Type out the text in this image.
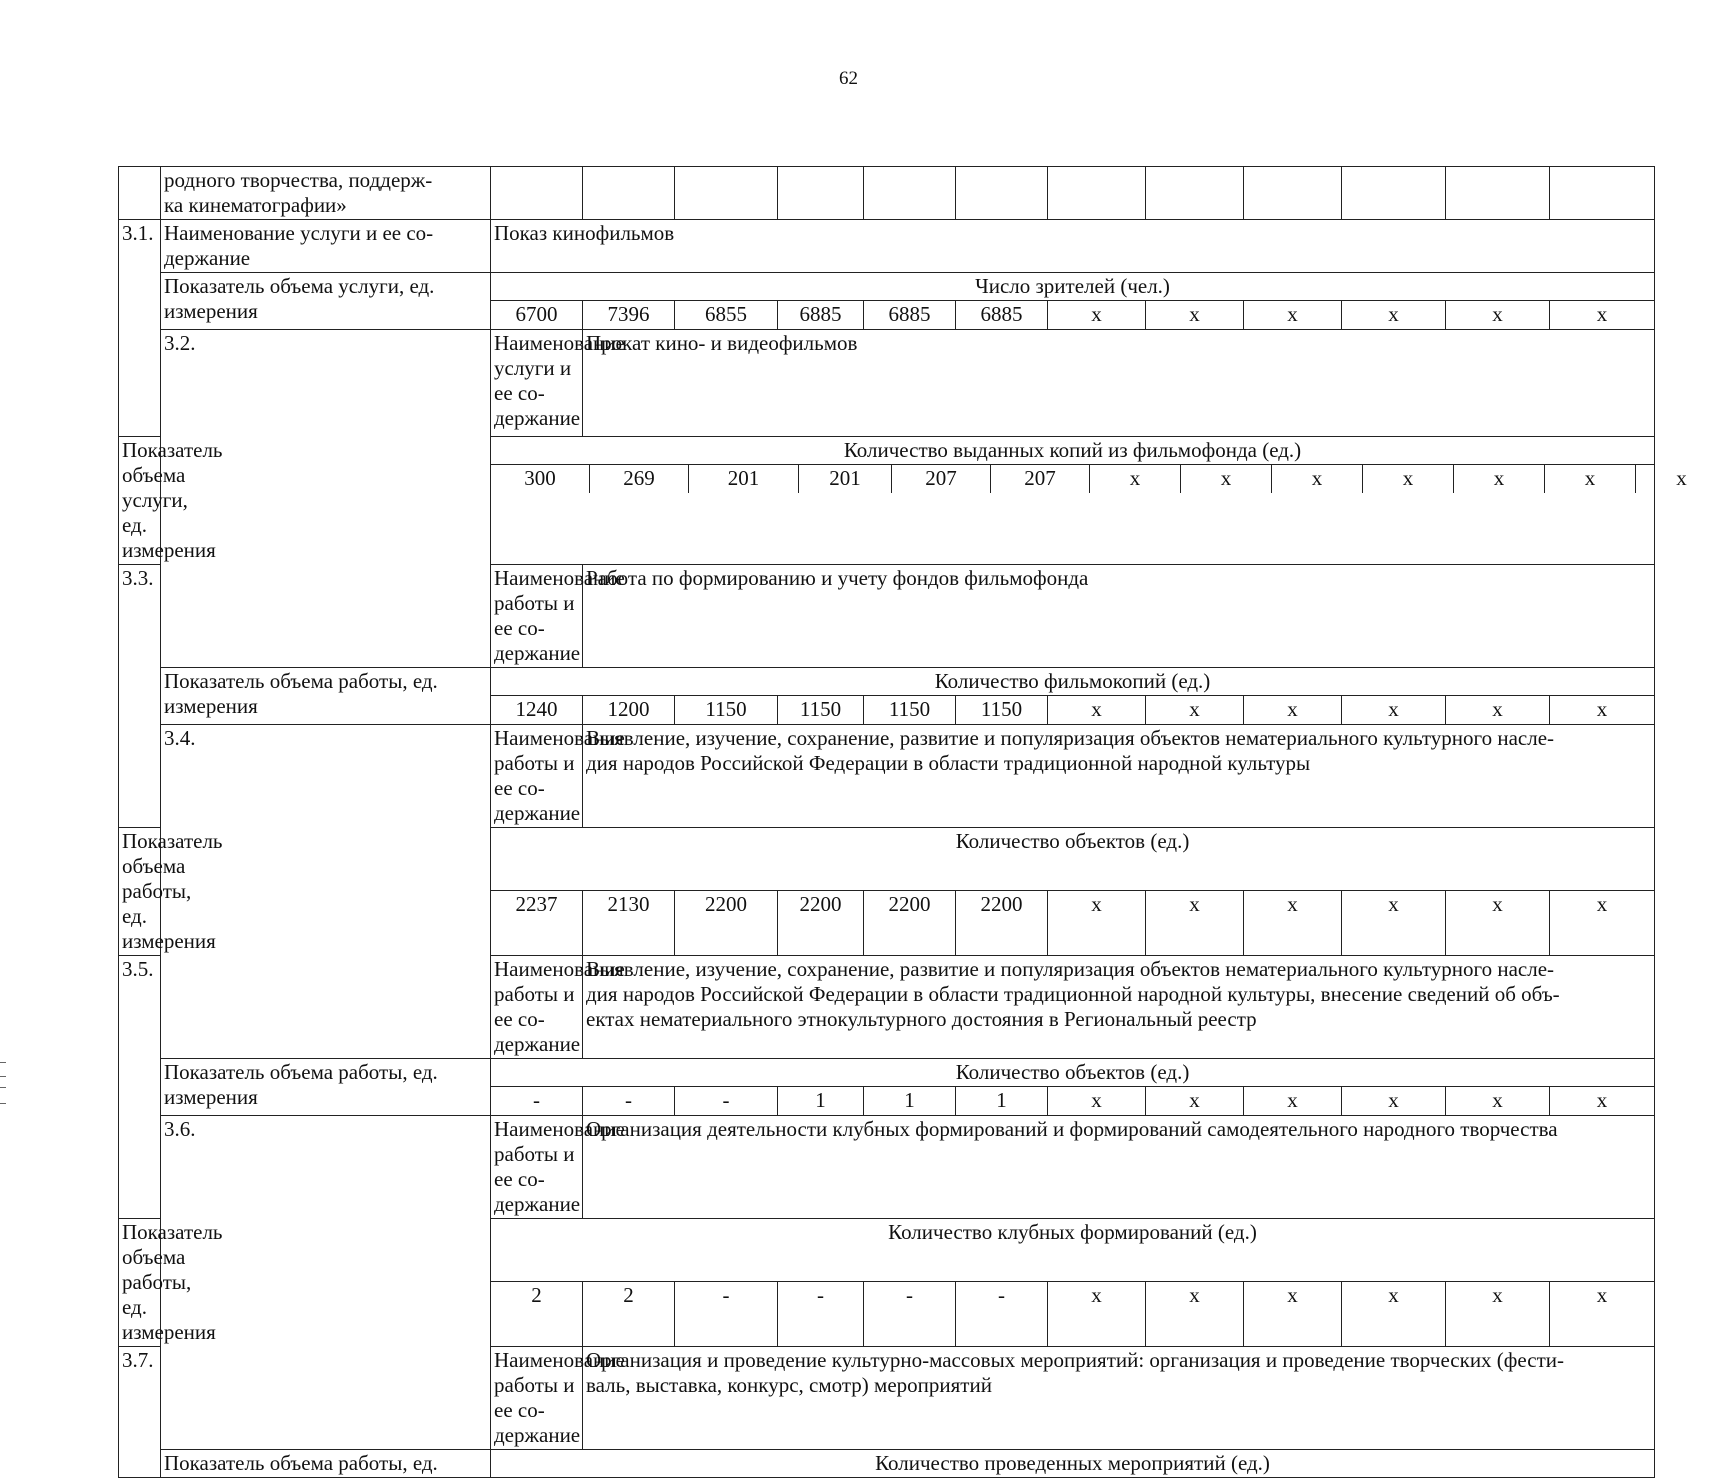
62
	родного творчества, поддерж-
ка кинематографии»												
3.1.	Наименование услуги и ее со-
держание	Показ кинофильмов
Показатель объема услуги, ед.
измерения	Число зрителей (чел.)
6700	7396	6855	6885	6885	6885	x	x	x	x	x	x
3.2.	Наименование услуги и ее со-
держание	Прокат кино- и видеофильмов
Показатель объема услуги, ед.
измерения	Количество выданных копий из фильмофонда (ед.)

300	269	201	201	207	207	x	x	x	x	x	x	x

3.3.	Наименование работы и ее со-
держание	Работа по формированию и учету фондов фильмофонда
Показатель объема работы, ед.
измерения	Количество фильмокопий (ед.)
1240	1200	1150	1150	1150	1150	x	x	x	x	x	x
3.4.	Наименование работы и ее со-
держание	Выявление, изучение, сохранение, развитие и популяризация объектов нематериального культурного насле-
дия народов Российской Федерации в области традиционной народной культуры
Показатель объема работы, ед.
измерения	Количество объектов (ед.)
2237	2130	2200	2200	2200	2200	x	x	x	x	x	x
3.5.	Наименование работы и ее со-
держание	Выявление, изучение, сохранение, развитие и популяризация объектов нематериального культурного насле-
дия народов Российской Федерации в области традиционной народной культуры, внесение сведений об объ-
ектах нематериального этнокультурного достояния в Региональный реестр
Показатель объема работы, ед.
измерения	Количество объектов (ед.)
-	-	-	1	1	1	x	x	x	x	x	x
3.6.	Наименование работы и ее со-
держание	Организация деятельности клубных формирований и формирований самодеятельного народного творчества
Показатель объема работы, ед.
измерения	Количество клубных формирований (ед.)
2	2	-	-	-	-	x	x	x	x	x	x
3.7.	Наименование работы и ее со-
держание	Организация и проведение культурно-массовых мероприятий: организация и проведение творческих (фести-
валь, выставка, конкурс, смотр) мероприятий
Показатель объема работы, ед.	Количество проведенных мероприятий (ед.)
